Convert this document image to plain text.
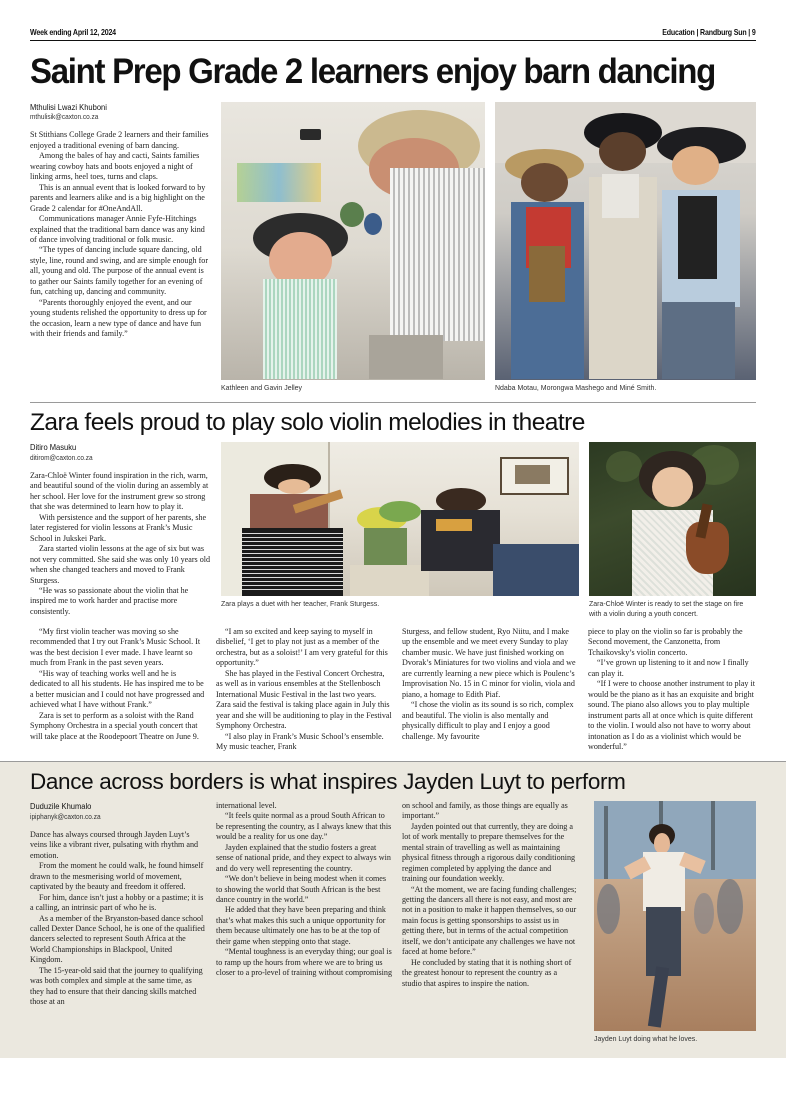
Week ending April 12, 2024	Education | Randburg Sun | 9
Saint Prep Grade 2 learners enjoy barn dancing
Mthulisi Lwazi Khuboni
mthulisik@caxton.co.za

St Stithians College Grade 2 learners and their families enjoyed a traditional evening of barn dancing.

Among the bales of hay and cacti, Saints families wearing cowboy hats and boots enjoyed a night of linking arms, heel toes, turns and claps.

This is an annual event that is looked forward to by parents and learners alike and is a big highlight on the Grade 2 calendar for #OneAndAll.

Communications manager Annie Fyfe-Hitchings explained that the traditional barn dance was any kind of dance involving traditional or folk music.

“The types of dancing include square dancing, old style, line, round and swing, and are simple enough for all, young and old. The purpose of the annual event is to gather our Saints family together for an evening of fun, catching up, dancing and community.

“Parents thoroughly enjoyed the event, and our young students relished the opportunity to dress up for the occasion, learn a new type of dance and have fun with their friends and family.”

Kathleen and Gavin Jelley	Ndaba Motau, Morongwa Mashego and Miné Smith.
Zara feels proud to play solo violin melodies in theatre
Ditiro Masuku
ditirom@caxton.co.za

Zara-Chloë Winter found inspiration in the rich, warm, and beautiful sound of the violin during an assembly at her school. Her love for the instrument grew so strong that she was determined to learn how to play it.

With persistence and the support of her parents, she later registered for violin lessons at Frank’s Music School in Jukskei Park.

Zara started violin lessons at the age of six but was not very committed. She said she was only 10 years old when she changed teachers and moved to Frank Sturgess.

“He was so passionate about the violin that he inspired me to work harder and practise more consistently.

Zara plays a duet with her teacher, Frank Sturgess.	Zara-Chloë Winter is ready to set the stage on fire with a violin during a youth concert.

“My first violin teacher was moving so she recommended that I try out Frank’s Music School. It was the best decision I ever made. I have learnt so much from Frank in the past seven years.

“His way of teaching works well and he is dedicated to all his students. He has inspired me to be a better musician and I could not have progressed and achieved what I have without Frank.”

Zara is set to perform as a soloist with the Rand Symphony Orchestra in a special youth concert that will take place at the Roodepoort Theatre on June 9.

“I am so excited and keep saying to myself in disbelief, ‘I get to play not just as a member of the orchestra, but as a soloist!’ I am very grateful for this opportunity.”

She has played in the Festival Concert Orchestra, as well as in various ensembles at the Stellenbosch International Music Festival in the last two years. Zara said the festival is taking place again in July this year and she will be auditioning to play in the Festival Symphony Orchestra.

“I also play in Frank’s Music School’s ensemble. My music teacher, Frank

Sturgess, and fellow student, Ryo Niitu, and I make up the ensemble and we meet every Sunday to play chamber music. We have just finished working on Dvorak’s Miniatures for two violins and viola and we are currently learning a new piece which is Poulenc’s Improvisation No. 15 in C minor for violin, viola and piano, a homage to Edith Piaf.

“I chose the violin as its sound is so rich, complex and beautiful. The violin is also mentally and physically difficult to play and I enjoy a good challenge. My favourite

piece to play on the violin so far is probably the Second movement, the Canzonetta, from Tchaikovsky’s violin concerto.

“I’ve grown up listening to it and now I finally can play it.

“If I were to choose another instrument to play it would be the piano as it has an exquisite and bright sound. The piano also allows you to play multiple instrument parts all at once which is quite different to the violin. I would also not have to worry about intonation as I do as a violinist which would be wonderful.”

Dance across borders is what inspires Jayden Luyt to perform
Duduzile Khumalo
ipiphanyk@caxton.co.za

Dance has always coursed through Jayden Luyt’s veins like a vibrant river, pulsating with rhythm and emotion.

From the moment he could walk, he found himself drawn to the mesmerising world of movement, captivated by the beauty and freedom it offered.

For him, dance isn’t just a hobby or a pastime; it is a calling, an intrinsic part of who he is.

As a member of the Bryanston-based dance school called Dexter Dance School, he is one of the qualified dancers selected to represent South Africa at the World Championships in Blackpool, United Kingdom.

The 15-year-old said that the journey to qualifying was both complex and simple at the same time, as they had to ensure that their dancing skills matched those at an

international level.

“It feels quite normal as a proud South African to be representing the country, as I always knew that this would be a reality for us one day.”

Jayden explained that the studio fosters a great sense of national pride, and they expect to always win and do very well representing the country.

“We don’t believe in being modest when it comes to showing the world that South African is the best dance country in the world.”

He added that they have been preparing and think that’s what makes this such a unique opportunity for them because ultimately one has to be at the top of their game when stepping onto that stage.

“Mental toughness is an everyday thing; our goal is to ramp up the hours from where we are to bring us closer to a pro-level of training without compromising

on school and family, as those things are equally as important.”

Jayden pointed out that currently, they are doing a lot of work mentally to prepare themselves for the mental strain of travelling as well as maintaining physical fitness through a rigorous daily conditioning regimen completed by applying the dance and training our foundation weekly.

“At the moment, we are facing funding challenges; getting the dancers all there is not easy, and most are not in a position to make it happen themselves, so our main focus is getting sponsorships to assist us in getting there, but in terms of the actual competition itself, we don’t anticipate any challenges we have not faced at home before.”

He concluded by stating that it is nothing short of the greatest honour to represent the country as a studio that aspires to inspire the nation.

Jayden Luyt doing what he loves.
